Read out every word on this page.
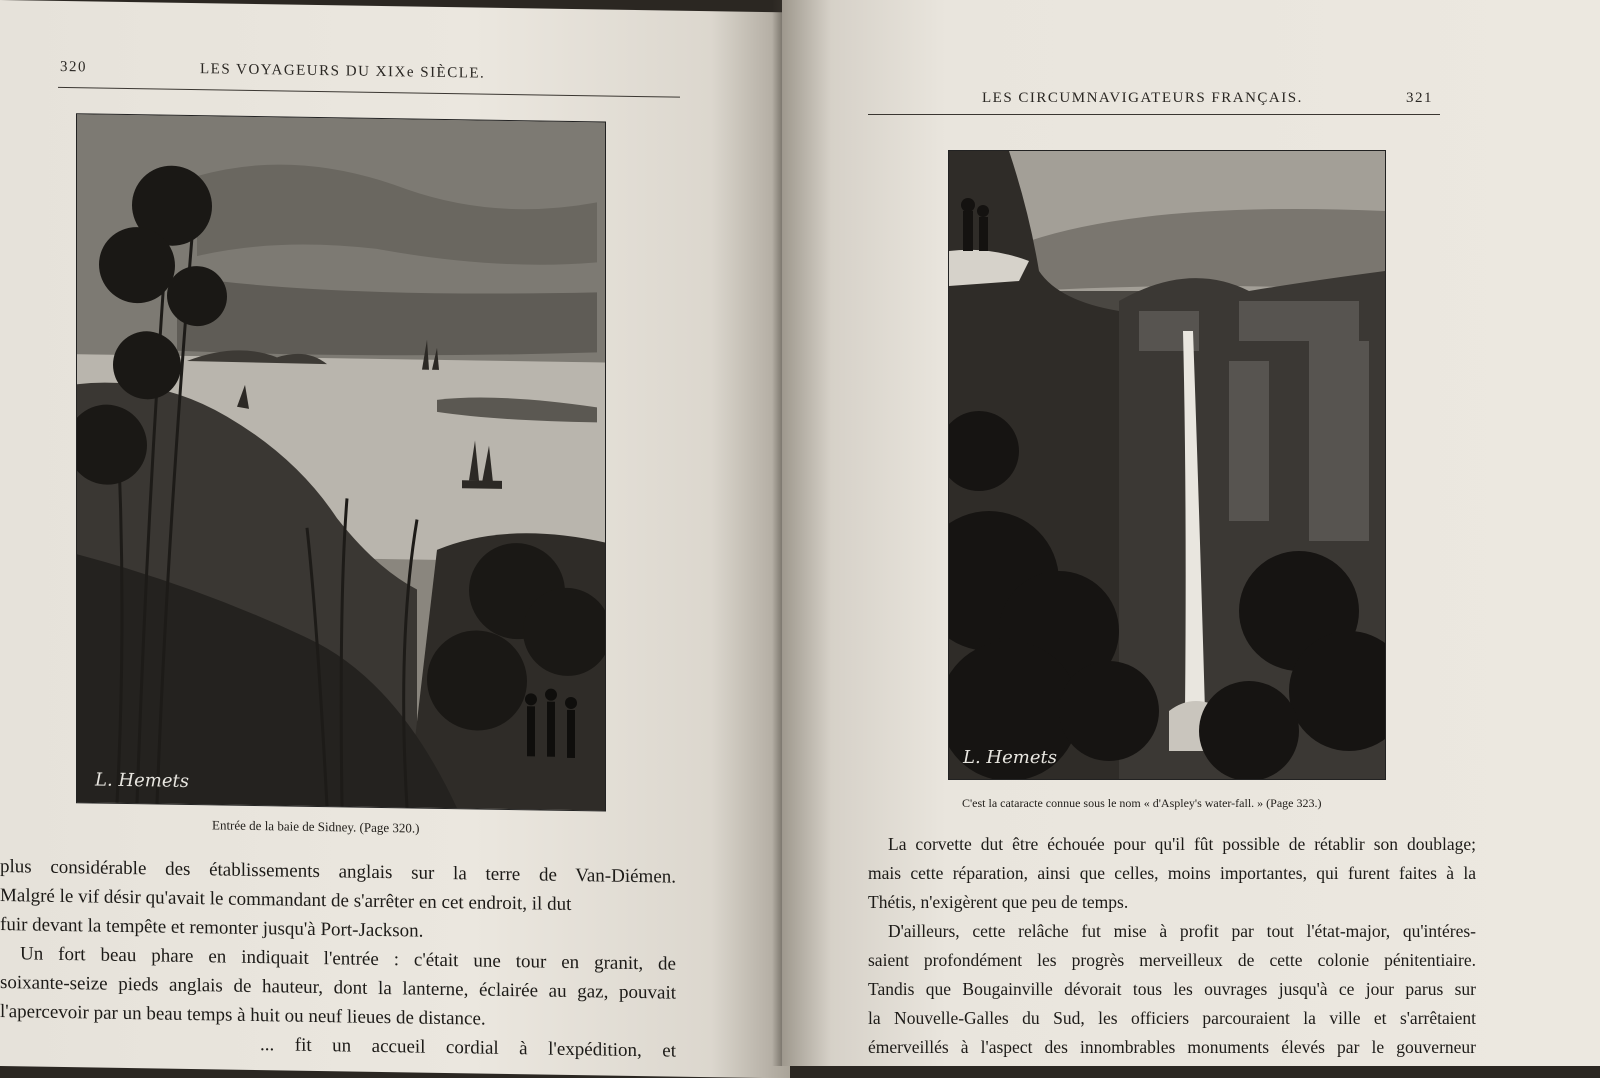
320	LES VOYAGEURS DU XIXe SIÈCLE.
L. Hemets
Entrée de la baie de Sidney. (Page 320.)
plus considérable des établissements anglais sur la terre de Van-Diémen.
Malgré le vif désir qu'avait le commandant de s'arrêter en cet endroit, il dut
fuir devant la tempête et remonter jusqu'à Port-Jackson.
Un fort beau phare en indiquait l'entrée : c'était une tour en granit, de
soixante-seize pieds anglais de hauteur, dont la lanterne, éclairée au gaz, pouvait
l'apercevoir par un beau temps à huit ou neuf lieues de distance.
... fit un accueil cordial à l'expédition, et
LES CIRCUMNAVIGATEURS FRANÇAIS.	321
L. Hemets
C'est la cataracte connue sous le nom « d'Aspley's water-fall. » (Page 323.)
La corvette dut être échouée pour qu'il fût possible de rétablir son doublage;
mais cette réparation, ainsi que celles, moins importantes, qui furent faites à la
Thétis, n'exigèrent que peu de temps.
D'ailleurs, cette relâche fut mise à profit par tout l'état-major, qu'intéres-
saient profondément les progrès merveilleux de cette colonie pénitentiaire.
Tandis que Bougainville dévorait tous les ouvrages jusqu'à ce jour parus sur
la Nouvelle-Galles du Sud, les officiers parcouraient la ville et s'arrêtaient
émerveillés à l'aspect des innombrables monuments élevés par le gouverneur
